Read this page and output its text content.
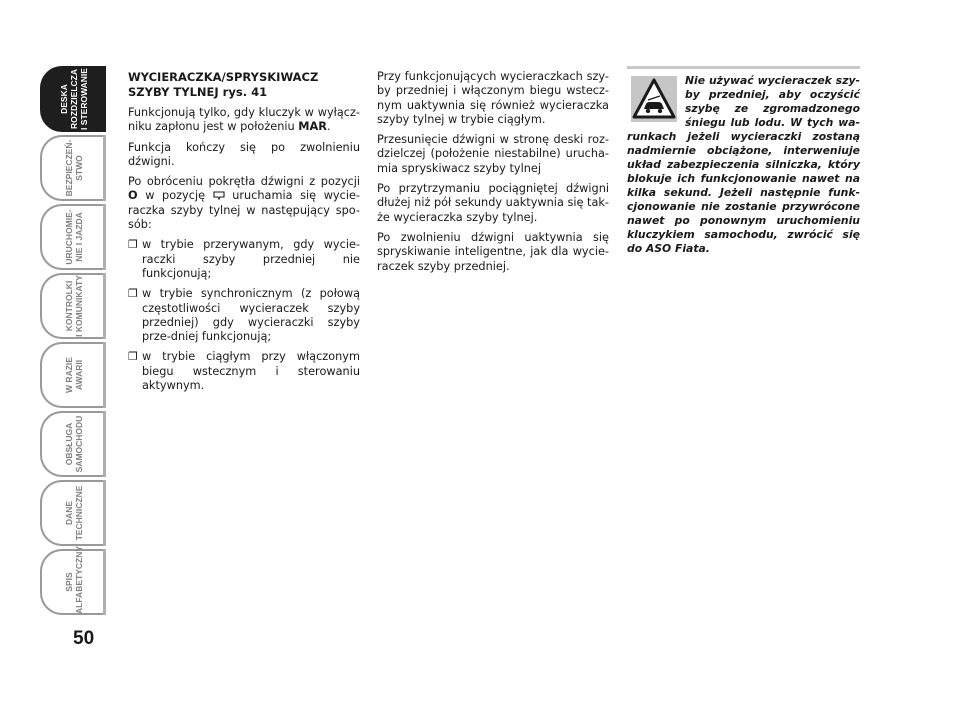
DESKA
ROZDZIELCZA
I STEROWANIE
BEZPIECZEŃ-
STWO
URUCHOMIE-
NIE I JAZDA
KONTROLKI
I KOMUNIKATY
W RAZIE
AWARII
OBSŁUGA
SAMOCHODU
DANE
TECHNICZNE
SPIS
ALFABETYCZNY
50

WYCIERACZKA/SPRYSKIWACZ SZYBY TYLNEJ rys. 41

Funkcjonują tylko, gdy kluczyk w wyłącz-niku zapłonu jest w położeniu MAR.

Funkcja kończy się po zwolnieniu dźwigni.

Po obróceniu pokrętła dźwigni z pozycji O w pozycję  uruchamia się wycie-raczka szyby tylnej w następujący spo-sób:

❐ w trybie przerywanym, gdy wycie-raczki szyby przedniej nie funkcjonują;
❐ w trybie synchronicznym (z połową częstotliwości wycieraczek szyby przedniej) gdy wycieraczki szyby prze-dniej funkcjonują;
❐ w trybie ciągłym przy włączonym biegu wstecznym i sterowaniu aktywnym.

Przy funkcjonujących wycieraczkach szy-by przedniej i włączonym biegu wstecz-nym uaktywnia się również wycieraczka szyby tylnej w trybie ciągłym.

Przesunięcie dźwigni w stronę deski roz-dzielczej (położenie niestabilne) urucha-mia spryskiwacz szyby tylnej

Po przytrzymaniu pociągniętej dźwigni dłużej niż pół sekundy uaktywnia się tak-że wycieraczka szyby tylnej.

Po zwolnieniu dźwigni uaktywnia się spryskiwanie inteligentne, jak dla wycie-raczek szyby przedniej.

Nie używać wycieraczek szy-by przedniej, aby oczyścić szybę ze zgromadzonego śniegu lub lodu. W tych wa-runkach jeżeli wycieraczki zostaną nadmiernie obciążone, interweniuje układ zabezpieczenia silniczka, który blokuje ich funkcjonowanie nawet na kilka sekund. Jeżeli następnie funk-cjonowanie nie zostanie przywrócone nawet po ponownym uruchomieniu kluczykiem samochodu, zwrócić się do ASO Fiata.
